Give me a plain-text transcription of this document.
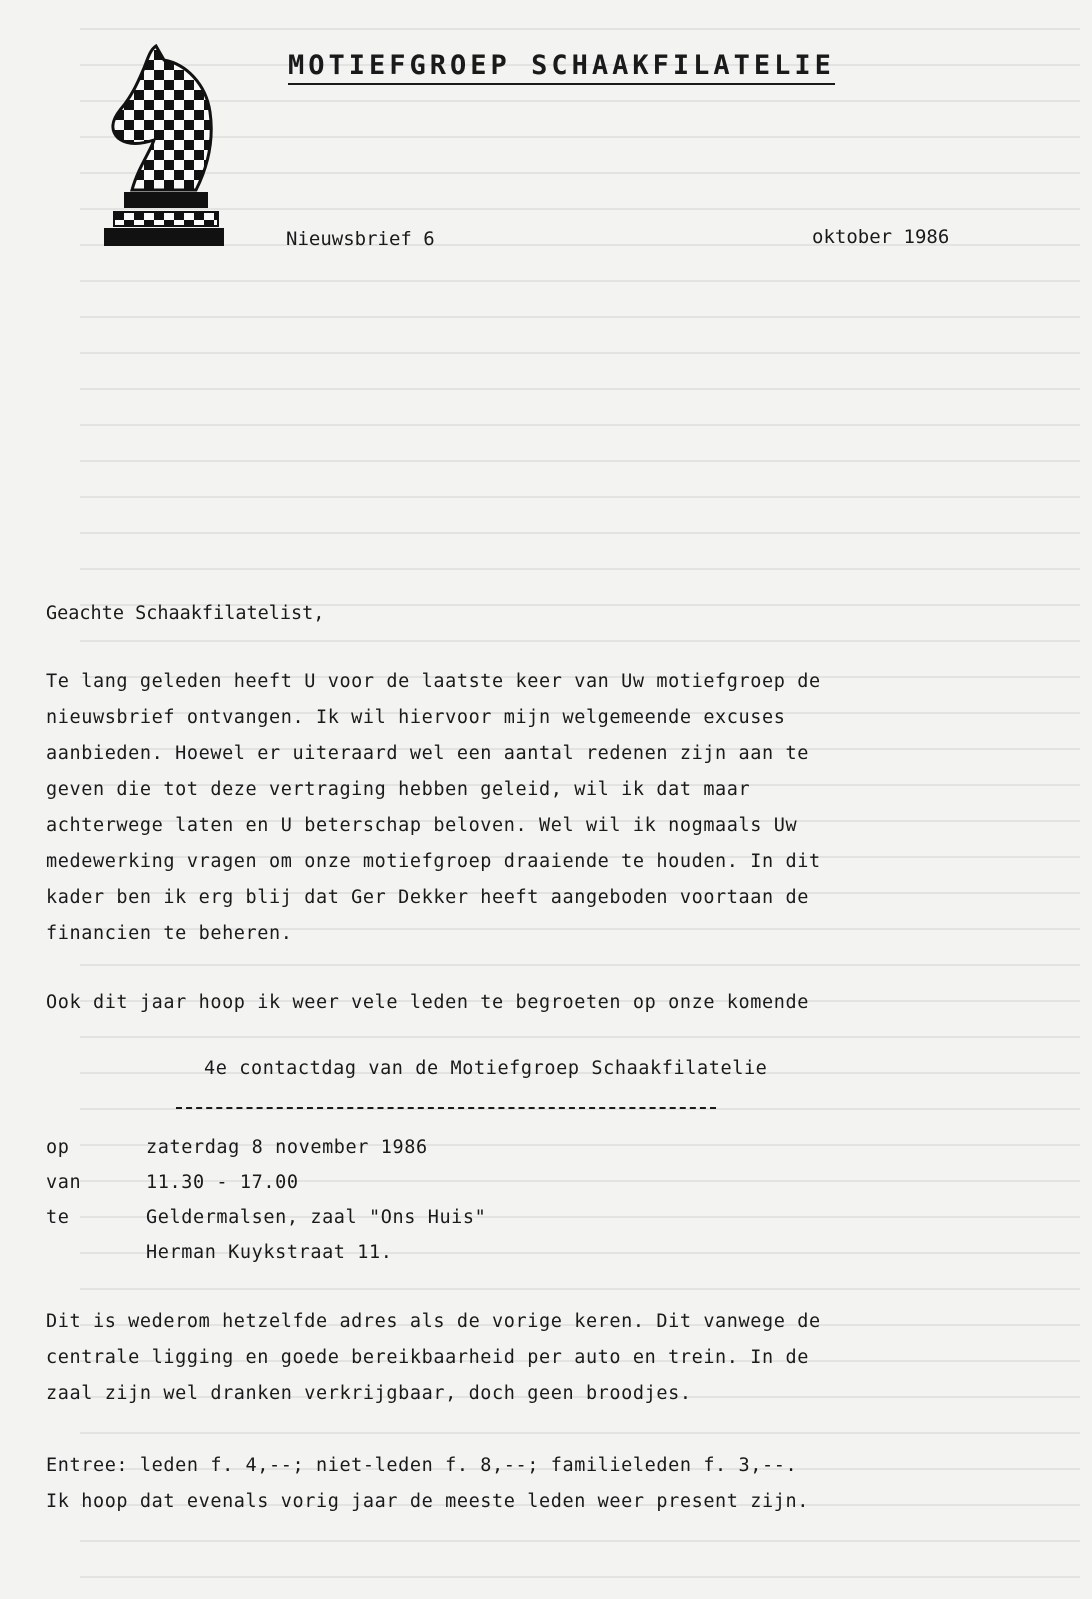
MOTIEFGROEP SCHAAKFILATELIE
Nieuwsbrief 6	oktober 1986
Geachte Schaakfilatelist,
Te lang geleden heeft U voor de laatste keer van Uw motiefgroep de
nieuwsbrief ontvangen. Ik wil hiervoor mijn welgemeende excuses
aanbieden. Hoewel er uiteraard wel een aantal redenen zijn aan te
geven die tot deze vertraging hebben geleid, wil ik dat maar
achterwege laten en U beterschap beloven. Wel wil ik nogmaals Uw
medewerking vragen om onze motiefgroep draaiende te houden. In dit
kader ben ik erg blij dat Ger Dekker heeft aangeboden voortaan de
financien te beheren.
Ook dit jaar hoop ik weer vele leden te begroeten op onze komende
4e contactdag van de Motiefgroep Schaakfilatelie
op	zaterdag 8 november 1986
van	11.30 - 17.00
te	Geldermalsen, zaal "Ons Huis"
Herman Kuykstraat 11.
Dit is wederom hetzelfde adres als de vorige keren. Dit vanwege de
centrale ligging en goede bereikbaarheid per auto en trein. In de
zaal zijn wel dranken verkrijgbaar, doch geen broodjes.
Entree: leden f. 4,--; niet-leden f. 8,--; familieleden f. 3,--.
Ik hoop dat evenals vorig jaar de meeste leden weer present zijn.
